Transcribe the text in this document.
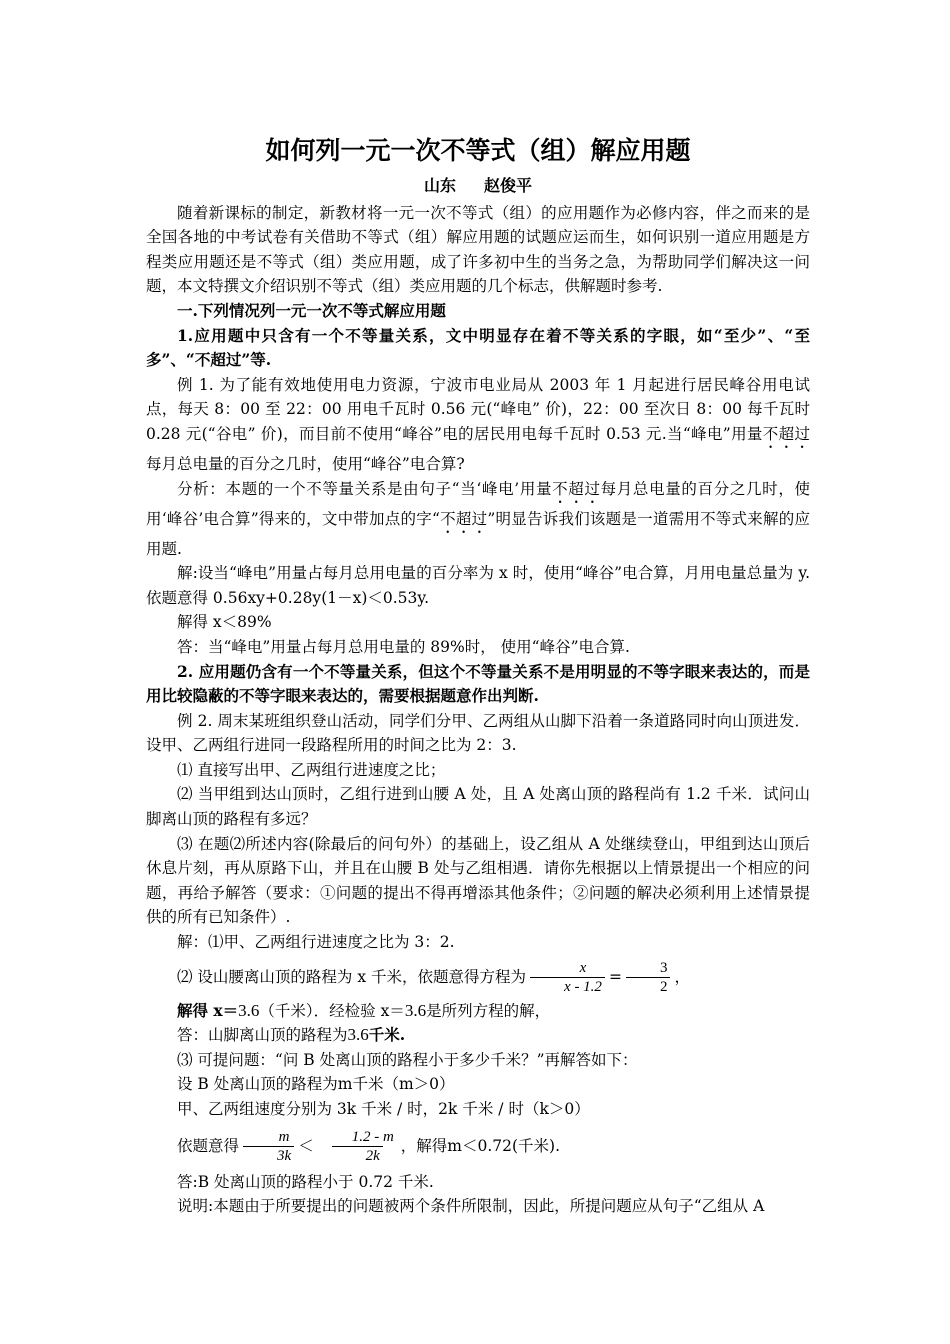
如何列一元一次不等式（组）解应用题
山东 赵俊平

随着新课标的制定，新教材将一元一次不等式（组）的应用题作为必修内容，伴之而来的是全国各地的中考试卷有关借助不等式（组）解应用题的试题应运而生，如何识别一道应用题是方程类应用题还是不等式（组）类应用题，成了许多初中生的当务之急，为帮助同学们解决这一问题，本文特撰文介绍识别不等式（组）类应用题的几个标志，供解题时参考.

一.下列情况列一元一次不等式解应用题

1.应用题中只含有一个不等量关系，文中明显存在着不等关系的字眼，如“至少”、“至多”、“不超过”等.

例 1. 为了能有效地使用电力资源，宁波市电业局从 2003 年 1 月起进行居民峰谷用电试点，每天 8：00 至 22：00 用电千瓦时 0.56 元(“峰电” 价)，22：00 至次日 8：00 每千瓦时 0.28 元(“谷电” 价)，而目前不使用“峰谷”电的居民用电每千瓦时 0.53 元.当“峰电”用量不超过每月总电量的百分之几时，使用“峰谷”电合算?

分析：本题的一个不等量关系是由句子“当‘峰电’用量不超过每月总电量的百分之几时，使用‘峰谷’电合算”得来的，文中带加点的字“不超过”明显告诉我们该题是一道需用不等式来解的应用题.

解:设当“峰电”用量占每月总用电量的百分率为 x 时，使用“峰谷”电合算，月用电量总量为 y.依题意得 0.56xy+0.28y(1－x)＜0.53y.

解得 x＜89%

答：当“峰电”用量占每月总用电量的 89%时， 使用“峰谷”电合算.

2. 应用题仍含有一个不等量关系，但这个不等量关系不是用明显的不等字眼来表达的，而是用比较隐蔽的不等字眼来表达的，需要根据题意作出判断.

例 2. 周末某班组织登山活动，同学们分甲、乙两组从山脚下沿着一条道路同时向山顶进发．设甲、乙两组行进同一段路程所用的时间之比为 2：3.

⑴ 直接写出甲、乙两组行进速度之比；

⑵ 当甲组到达山顶时，乙组行进到山腰 A 处，且 A 处离山顶的路程尚有 1.2 千米．试问山脚离山顶的路程有多远？

⑶ 在题⑵所述内容(除最后的问句外）的基础上，设乙组从 A 处继续登山，甲组到达山顶后休息片刻，再从原路下山，并且在山腰 B 处与乙组相遇．请你先根据以上情景提出一个相应的问题，再给予解答（要求：①问题的提出不得再增添其他条件；②问题的解决必须利用上述情景提供的所有已知条件）.

解：⑴甲、乙两组行进速度之比为 3：2.

⑵ 设山腰离山顶的路程为 x 千米，依题意得方程为 $\frac{x}{x - 1.2} = \frac{3}{2}$ ，

解得 x＝3.6（千米）．经检验 x＝3.6是所列方程的解，

答：山脚离山顶的路程为3.6千米.

⑶ 可提问题：“问 B 处离山顶的路程小于多少千米？”再解答如下：

设 B 处离山顶的路程为m千米（m＞0）

甲、乙两组速度分别为 3k 千米 / 时，2k 千米 / 时（k＞0）

依题意得 $\frac{m}{3k} < \frac{1.2 - m}{2k}$ ，解得m＜0.72(千米).

答:B 处离山顶的路程小于 0.72 千米.

说明:本题由于所要提出的问题被两个条件所限制，因此，所提问题应从句子“乙组从 A
